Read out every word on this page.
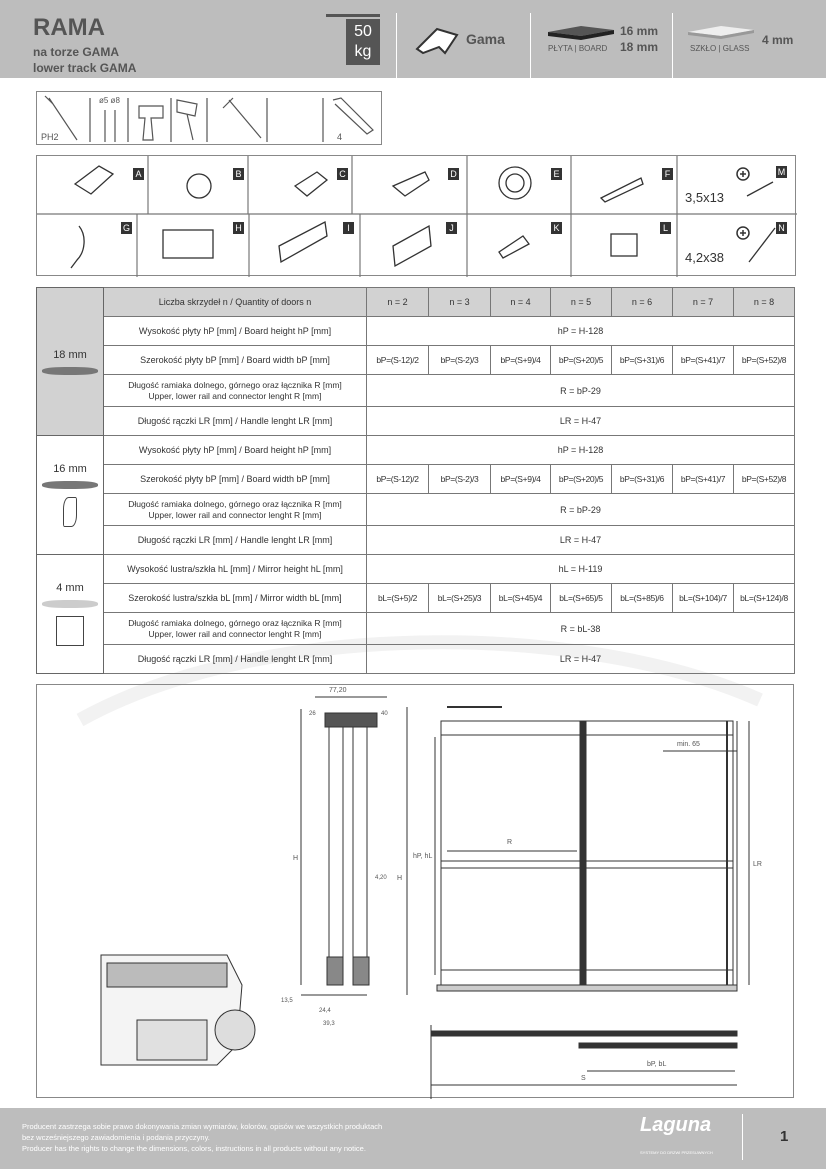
RAMA
na torze GAMA
lower track GAMA
50
kg
Gama
PŁYTA | BOARD
16 mm
18 mm	SZKŁO | GLASS
4 mm
PH2
ø5 ø8
4
A	B	C	D	E	F	M
G	H	I	J	K	L	N
3,5x13
4,2x38
18 mm	Liczba skrzydeł n / Quantity of doors n	n = 2	n = 3	n = 4	n = 5	n = 6	n = 7	n = 8

	Wysokość płyty hP [mm] / Board height hP [mm]	hP = H-128						

	Szerokość płyty bP [mm] / Board width bP [mm]	bP=(S-12)/2	bP=(S-2)/3	bP=(S+9)/4	bP=(S+20)/5	bP=(S+31)/6	bP=(S+41)/7	bP=(S+52)/8

	Długość ramiaka dolnego, górnego oraz łącznika R [mm]
Upper, lower rail and connector lenght R [mm]	R = bP-29						

	Długość rączki LR [mm] / Handle lenght LR [mm]	LR = H-47						

16 mm	Wysokość płyty hP [mm] / Board height hP [mm]	hP = H-128						

	Szerokość płyty bP [mm] / Board width bP [mm]	bP=(S-12)/2	bP=(S-2)/3	bP=(S+9)/4	bP=(S+20)/5	bP=(S+31)/6	bP=(S+41)/7	bP=(S+52)/8

	Długość ramiaka dolnego, górnego oraz łącznika R [mm]
Upper, lower rail and connector lenght R [mm]	R = bP-29						

	Długość rączki LR [mm] / Handle lenght LR [mm]	LR = H-47						

4 mm	Wysokość lustra/szkła hL [mm] / Mirror height hL [mm]	hL = H-119						

	Szerokość lustra/szkła bL [mm] / Mirror width bL [mm]	bL=(S+5)/2	bL=(S+25)/3	bL=(S+45)/4	bL=(S+65)/5	bL=(S+85)/6	bL=(S+104)/7	bL=(S+124)/8

	Długość ramiaka dolnego, górnego oraz łącznika R [mm]
Upper, lower rail and connector lenght R [mm]	R = bL-38						

	Długość rączki LR [mm] / Handle lenght LR [mm]	LR = H-47						
77,20
26	40
H
4,20
13,5
24,4
39,3
H
hP, hL
R
min. 65
LR
bP, bL
S
Producent zastrzega sobie prawo dokonywania zmian wymiarów, kolorów, opisów we wszystkich produktach
bez wcześniejszego zawiadomienia i podania przyczyny.
Producer has the rights to change the dimensions, colors, instructions in all products without any notice.
Laguna
SYSTEMY DO DRZWI PRZESUWNYCH
1
